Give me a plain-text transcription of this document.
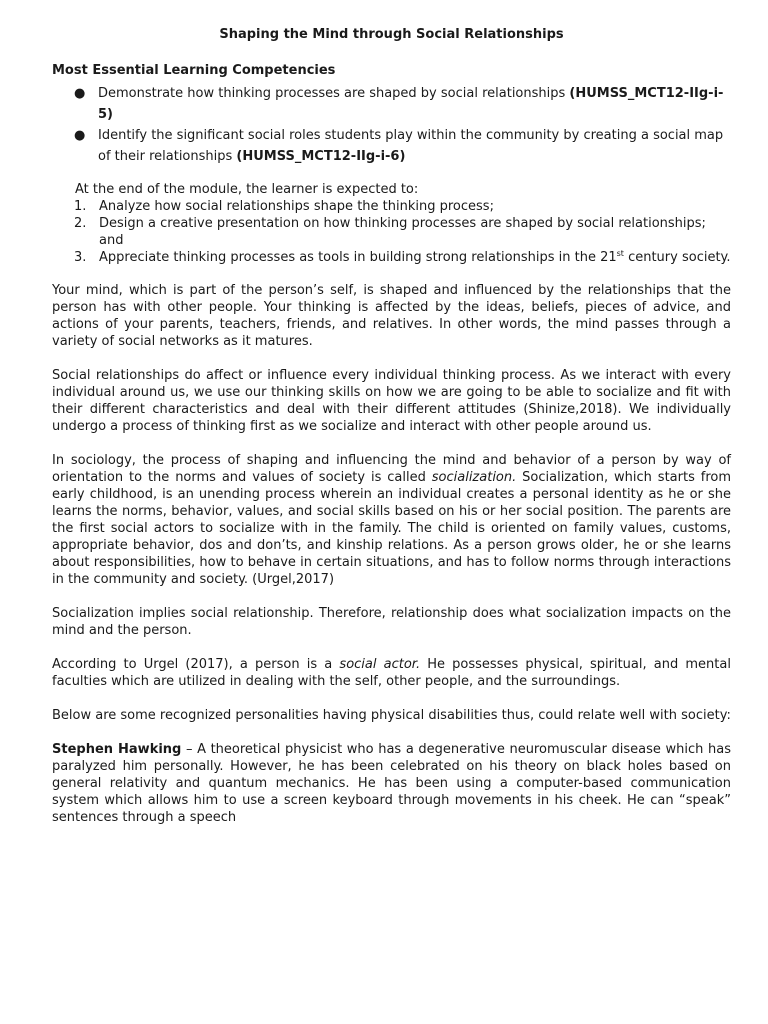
Shaping the Mind through Social Relationships
Most Essential Learning Competencies
● Demonstrate how thinking processes are shaped by social relationships (HUMSS_MCT12-IIg-i-5)
● Identify the significant social roles students play within the community by creating a social map of their relationships (HUMSS_MCT12-IIg-i-6)
At the end of the module, the learner is expected to:
1. Analyze how social relationships shape the thinking process;
2. Design a creative presentation on how thinking processes are shaped by social relationships; and
3. Appreciate thinking processes as tools in building strong relationships in the 21st century society.

Your mind, which is part of the person’s self, is shaped and influenced by the relationships that the person has with other people. Your thinking is affected by the ideas, beliefs, pieces of advice, and actions of your parents, teachers, friends, and relatives. In other words, the mind passes through a variety of social networks as it matures.

Social relationships do affect or influence every individual thinking process. As we interact with every individual around us, we use our thinking skills on how we are going to be able to socialize and fit with their different characteristics and deal with their different attitudes (Shinize,2018). We individually undergo a process of thinking first as we socialize and interact with other people around us.

In sociology, the process of shaping and influencing the mind and behavior of a person by way of orientation to the norms and values of society is called socialization. Socialization, which starts from early childhood, is an unending process wherein an individual creates a personal identity as he or she learns the norms, behavior, values, and social skills based on his or her social position. The parents are the first social actors to socialize with in the family. The child is oriented on family values, customs, appropriate behavior, dos and don’ts, and kinship relations. As a person grows older, he or she learns about responsibilities, how to behave in certain situations, and has to follow norms through interactions in the community and society. (Urgel,2017)

Socialization implies social relationship. Therefore, relationship does what socialization impacts on the mind and the person.

According to Urgel (2017), a person is a social actor. He possesses physical, spiritual, and mental faculties which are utilized in dealing with the self, other people, and the surroundings.

Below are some recognized personalities having physical disabilities thus, could relate well with society:

Stephen Hawking – A theoretical physicist who has a degenerative neuromuscular disease which has paralyzed him personally. However, he has been celebrated on his theory on black holes based on general relativity and quantum mechanics. He has been using a computer-based communication system which allows him to use a screen keyboard through movements in his cheek. He can “speak” sentences through a speech
